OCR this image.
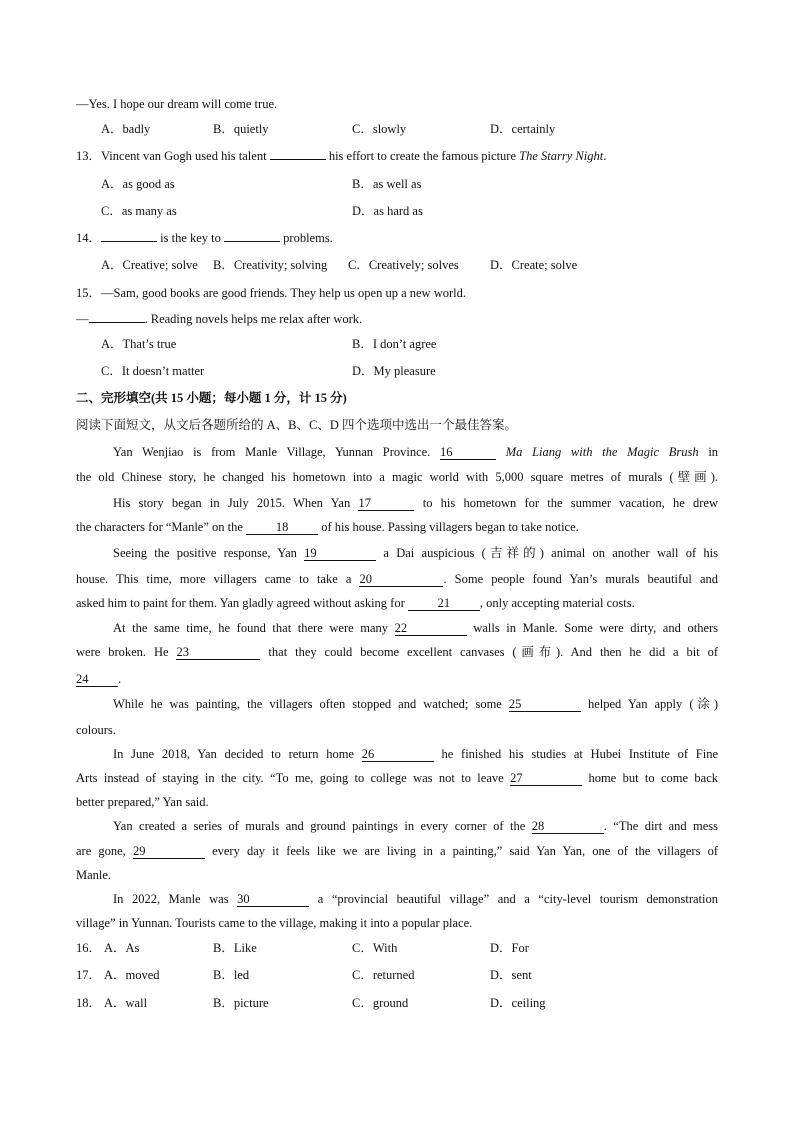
—Yes. I hope our dream will come true.
A．badly	B．quietly	C．slowly	D．certainly
13．Vincent van Gogh used his talent	his effort to create the famous picture The Starry Night.
A．as good as	B．as well as
C．as many as	D．as hard as
14．	is the key to	problems.
A．Creative; solve B．Creativity; solving C．Creatively; solves	D．Create; solve
15．—Sam, good books are good friends. They help us open up a new world.
—	. Reading novels helps me relax after work.
A．That’s true	B．I don’t agree
C．It doesn’t matter	D．My pleasure
二、完形填空(共 15 小题；每小题 1 分，计 15 分)
阅读下面短文，从文后各题所给的 A、B、C、D 四个选项中选出一个最佳答案。
Yan Wenjiao is from Manle Village, Yunnan Province. 16	Ma Liang with the Magic Brush in
the old Chinese story, he changed his hometown into a magic world with 5,000 square metres of murals (壁画).
His story began in July 2015. When Yan 17	to his hometown for the summer vacation, he drew
the characters for “Manle” on the	18	of his house. Passing villagers began to take notice.
Seeing the positive response, Yan 19	a Dai auspicious (吉祥的) animal on another wall of his
house. This time, more villagers came to take a 20	. Some people found Yan’s murals beautiful and
asked him to paint for them. Yan gladly agreed without asking for	21 , only accepting material costs.
At the same time, he found that there were many 22	walls in Manle. Some were dirty, and others
were broken. He 23	that they could become excellent canvases (画布). And then he did a bit of
24 .
While he was painting, the villagers often stopped and watched; some 25	helped Yan apply (涂)
colours.
In June 2018, Yan decided to return home 26	he finished his studies at Hubei Institute of Fine
Arts instead of staying in the city. “To me, going to college was not to leave 27	home but to come back
better prepared,” Yan said.
Yan created a series of murals and ground paintings in every corner of the 28	. “The dirt and mess
are gone, 29	every day it feels like we are living in a painting,” said Yan Yan, one of the villagers of
Manle.
In 2022, Manle was 30	a “provincial beautiful village” and a “city-level tourism demonstration
village” in Yunnan. Tourists came to the village, making it into a popular place.
16． A．As	B．Like	C．With	D．For
17． A．moved	B．led	C．returned	D．sent
18． A．wall	B．picture	C．ground	D．ceiling
